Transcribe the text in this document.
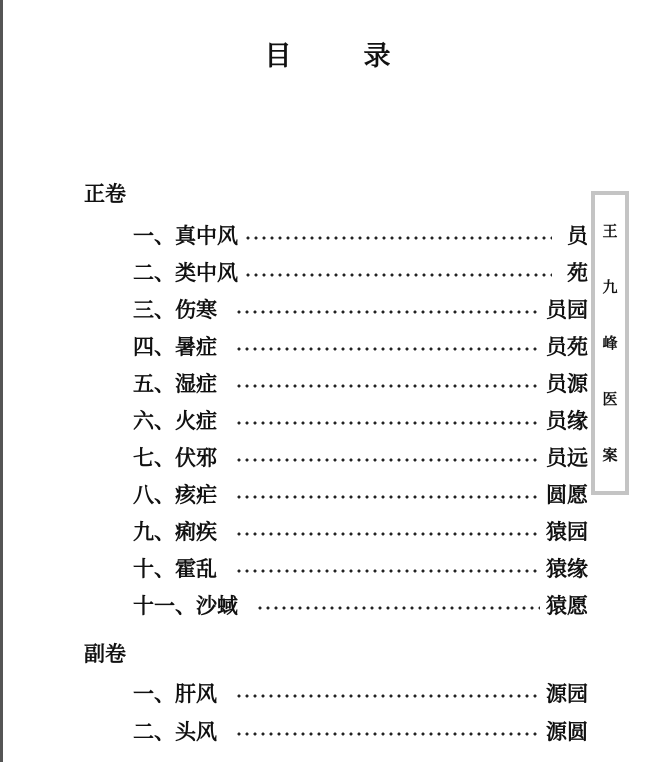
目	录
正卷
一、真中风	员
二、类中风	苑
三、伤寒	员园
四、暑症	员苑
五、湿症	员源
六、火症	员缘
七、伏邪	员远
八、痎疟	圆愿
九、痢疾	猿园
十、霍乱	猿缘
十一、沙蜮	猿愿
副卷
一、肝风	源园
二、头风	源圆
王
九
峰
医
案
